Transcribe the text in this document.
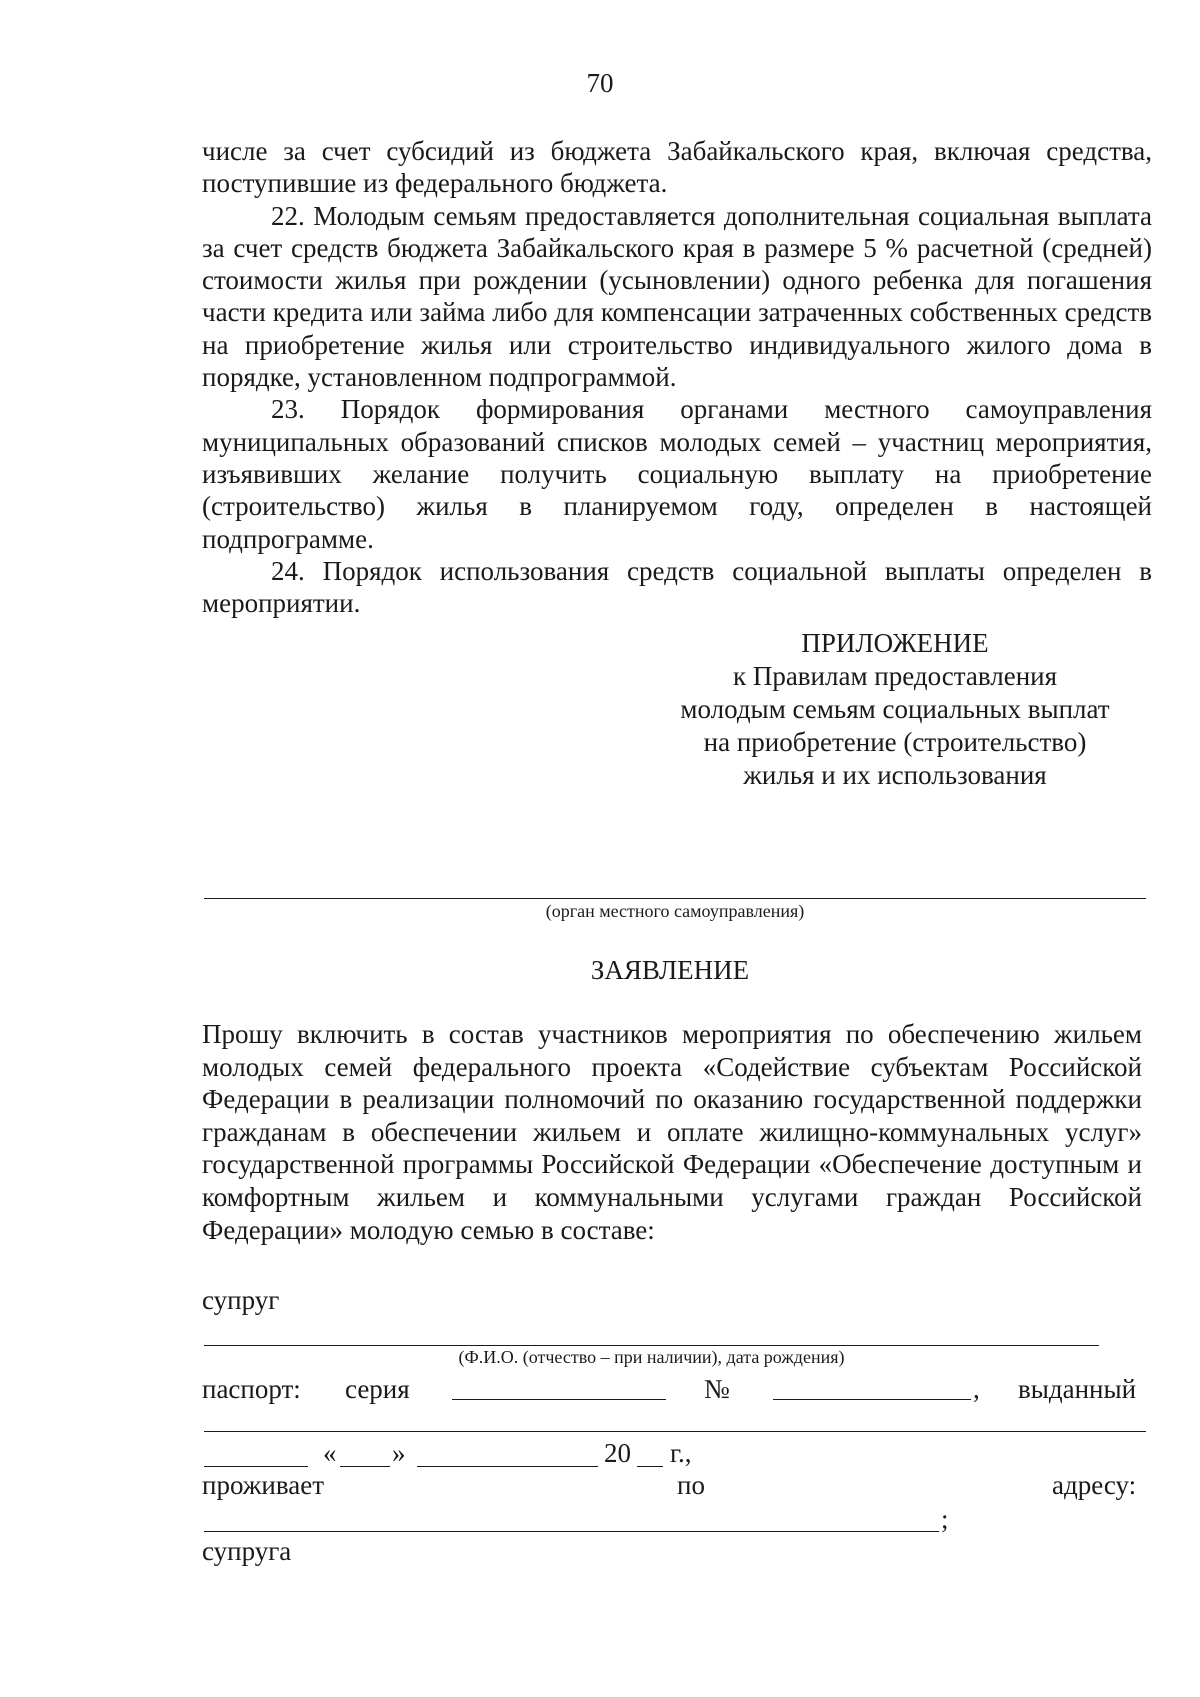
70

числе за счет субсидий из бюджета Забайкальского края, включая средства, поступившие из федерального бюджета.

22. Молодым семьям предоставляется дополнительная социальная выплата за счет средств бюджета Забайкальского края в размере 5 % расчетной (средней) стоимости жилья при рождении (усыновлении) одного ребенка для погашения части кредита или займа либо для компенсации затраченных собственных средств на приобретение жилья или строительство индивидуального жилого дома в порядке, установленном подпрограммой.

23. Порядок формирования органами местного самоуправления муниципальных образований списков молодых семей – участниц мероприятия, изъявивших желание получить социальную выплату на приобретение (строительство) жилья в планируемом году, определен в настоящей подпрограмме.

24. Порядок использования средств социальной выплаты определен в мероприятии.

ПРИЛОЖЕНИЕ
к Правилам предоставления
молодым семьям социальных выплат
на приобретение (строительство)
жилья и их использования
(орган местного самоуправления)
ЗАЯВЛЕНИЕ

Прошу включить в состав участников мероприятия по обеспечению жильем молодых семей федерального проекта «Содействие субъектам Российской Федерации в реализации полномочий по оказанию государственной поддержки гражданам в обеспечении жильем и оплате жилищно-коммунальных услуг» государственной программы Российской Федерации «Обеспечение доступным и комфортным жильем и коммунальными услугами граждан Российской Федерации» молодую семью в составе:

супруг
(Ф.И.О. (отчество – при наличии), дата рождения)
паспорт: серия	№	, выданный
« »	20 г.,
проживает	по	адресу:
;
супруга
